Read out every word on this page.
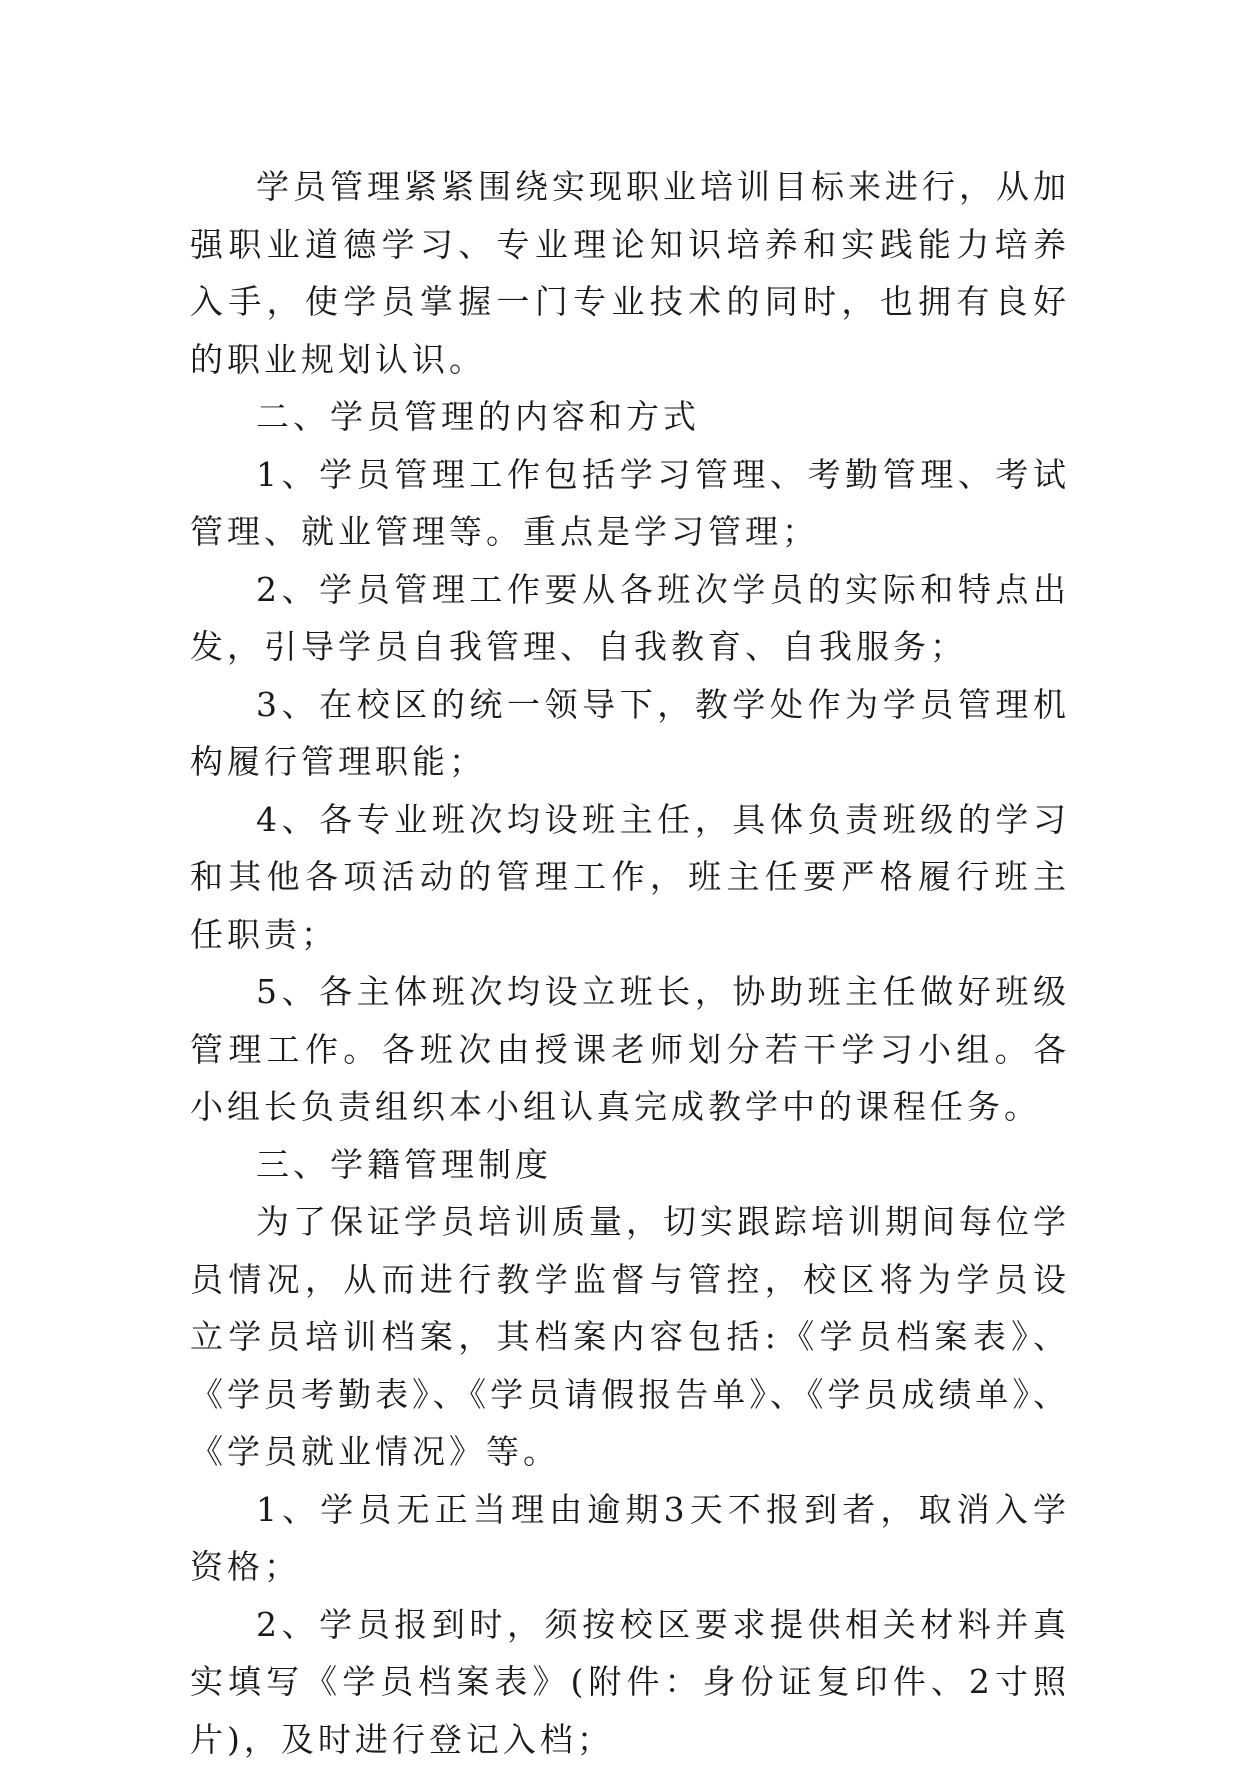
学员管理紧紧围绕实现职业培训目标来进行，从加强职业道德学习、专业理论知识培养和实践能力培养入手，使学员掌握一门专业技术的同时，也拥有良好的职业规划认识。

二、学员管理的内容和方式

1、学员管理工作包括学习管理、考勤管理、考试管理、就业管理等。重点是学习管理；

2、学员管理工作要从各班次学员的实际和特点出发，引导学员自我管理、自我教育、自我服务；

3、在校区的统一领导下，教学处作为学员管理机构履行管理职能；

4、各专业班次均设班主任，具体负责班级的学习和其他各项活动的管理工作，班主任要严格履行班主任职责；

5、各主体班次均设立班长，协助班主任做好班级管理工作。各班次由授课老师划分若干学习小组。各小组长负责组织本小组认真完成教学中的课程任务。

三、学籍管理制度

为了保证学员培训质量，切实跟踪培训期间每位学员情况，从而进行教学监督与管控，校区将为学员设立学员培训档案，其档案内容包括:《学员档案表》、《学员考勤表》、《学员请假报告单》、《学员成绩单》、《学员就业情况》等。

1、学员无正当理由逾期3天不报到者，取消入学资格；

2、学员报到时，须按校区要求提供相关材料并真实填写《学员档案表》(附件：身份证复印件、2寸照片)，及时进行登记入档；
